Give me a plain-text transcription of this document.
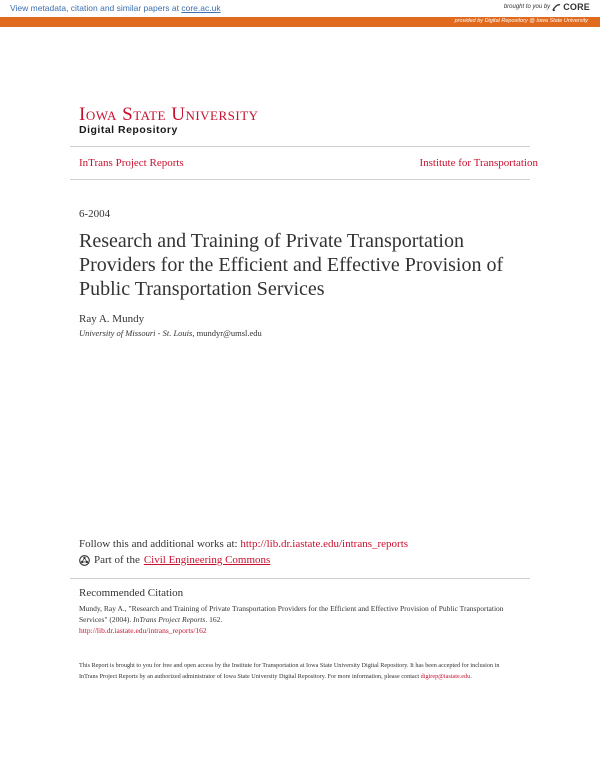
View metadata, citation and similar papers at core.ac.uk	brought to you by CORE
provided by Digital Repository @ Iowa State University
Iowa State University
Digital Repository
InTrans Project Reports	Institute for Transportation
6-2004
Research and Training of Private Transportation Providers for the Efficient and Effective Provision of Public Transportation Services
Ray A. Mundy
University of Missouri - St. Louis, mundyr@umsl.edu
Follow this and additional works at: http://lib.dr.iastate.edu/intrans_reports
Part of the Civil Engineering Commons
Recommended Citation
Mundy, Ray A., "Research and Training of Private Transportation Providers for the Efficient and Effective Provision of Public Transportation Services" (2004). InTrans Project Reports. 162.
http://lib.dr.iastate.edu/intrans_reports/162
This Report is brought to you for free and open access by the Institute for Transportation at Iowa State University Digital Repository. It has been accepted for inclusion in InTrans Project Reports by an authorized administrator of Iowa State University Digital Repository. For more information, please contact digirep@iastate.edu.
